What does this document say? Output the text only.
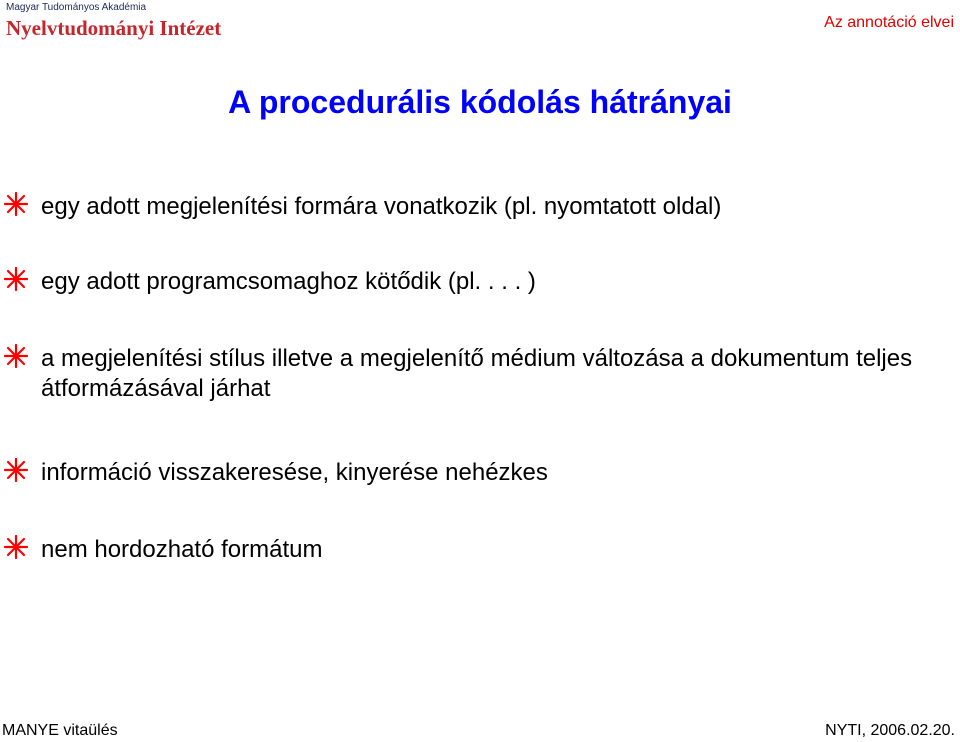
Magyar Tudományos Akadémia
Nyelvtudományi Intézet	Az annotáció elvei
A procedurális kódolás hátrányai
egy adott megjelenítési formára vonatkozik (pl. nyomtatott oldal)
egy adott programcsomaghoz kötődik (pl. . . . )
a megjelenítési stílus illetve a megjelenítő médium változása a dokumentum teljes átformázásával járhat
információ visszakeresése, kinyerése nehézkes
nem hordozható formátum
MANYE vitaülés	NYTI, 2006.02.20.
